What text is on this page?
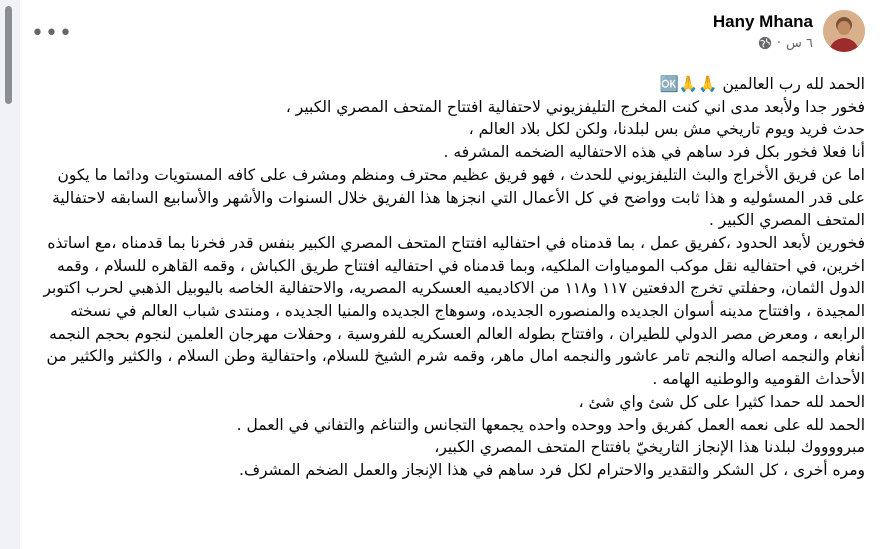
•••	Hany Mhana
٦ س
·

الحمد لله رب العالمين 🙏🙏🆗

فخور جدا ولأبعد مدى اني كنت المخرج التليفزيوني لاحتفالية افتتاح المتحف المصري الكبير ،

حدث فريد ويوم تاريخي مش بس لبلدنا، ولكن لكل بلاد العالم ،

أنا فعلا فخور بكل فرد ساهم في هذه الاحتفاليه الضخمه المشرفه .

اما عن فريق الأخراج والبث التليفزيوني للحدث ، فهو فريق عظيم محترف ومنظم ومشرف على كافه المستويات ودائما ما يكون على قدر المسئوليه و هذا ثابت وواضح في كل الأعمال التي انجزها هذا الفريق خلال السنوات والأشهر والأسابيع السابقه لاحتفالية المتحف المصري الكبير .

فخورين لأبعد الحدود ،كفريق عمل ، بما قدمناه في احتفاليه افتتاح المتحف المصري الكبير بنفس قدر فخرنا بما قدمناه ،مع اساتذه اخرين، في احتفاليه نقل موكب المومياوات الملكيه، وبما قدمناه في احتفاليه افتتاح طريق الكباش ، وقمه القاهره للسلام ، وقمه الدول الثمان، وحفلتي تخرج الدفعتين ١١٧ و١١٨ من الاكاديميه العسكريه المصريه، والاحتفالية الخاصه باليوبيل الذهبي لحرب اكتوبر المجيدة ، وافتتاح مدينه أسوان الجديده والمنصوره الجديده، وسوهاج الجديده والمنيا الجديده ، ومنتدى شباب العالم في نسخته الرابعه ، ومعرض مصر الدولي للطيران ، وافتتاح بطوله العالم العسكريه للفروسية ، وحفلات مهرجان العلمين لنجوم بحجم النجمه أنغام والنجمه اصاله والنجم تامر عاشور والنجمه امال ماهر، وقمه شرم الشيخ للسلام، واحتفالية وطن السلام ، والكثير والكثير من الأحداث القوميه والوطنيه الهامه .

الحمد لله حمدا كثيرا على كل شئ واي شئ ،

الحمد لله على نعمه العمل كفريق واحد ووحده واحده يجمعها التجانس والتناغم والتفاني في العمل .

مبرووووك لبلدنا هذا الإنجاز التاريخيّ بافتتاح المتحف المصري الكبير،

ومره أخرى ، كل الشكر والتقدير والاحترام لكل فرد ساهم في هذا الإنجاز والعمل الضخم المشرف.
